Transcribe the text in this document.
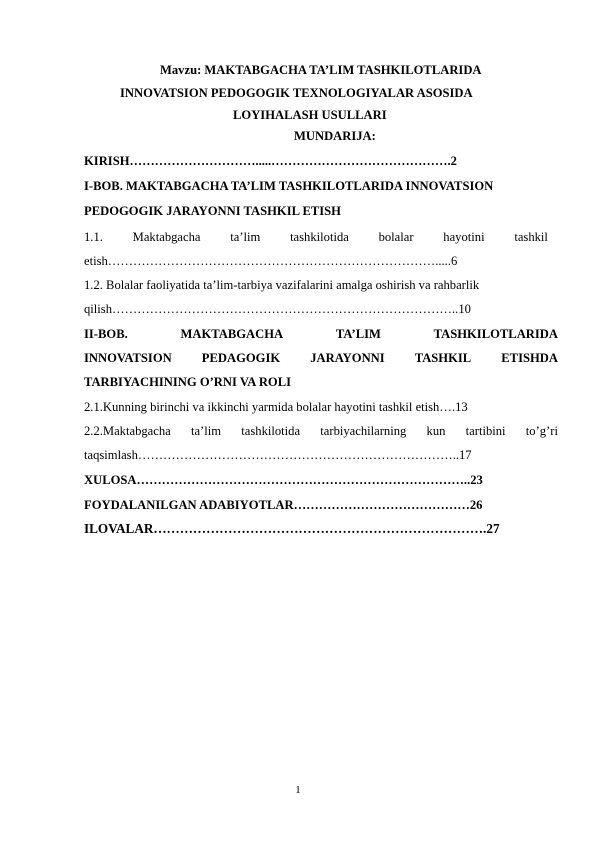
Mavzu: MAKTABGACHA TA’LIM TASHKILOTLARIDA
INNOVATSION PEDOGOGIK TEXNOLOGIYALAR ASOSIDA
LOYIHALASH USULLARI
MUNDARIJA:
KIRISH………………………….....…………………………………….2
I-BOB. MAKTABGACHA TA’LIM TASHKILOTLARIDA INNOVATSION
PEDOGOGIK JARAYONNI TASHKIL ETISH
1.1. Maktabgacha ta’lim tashkilotida bolalar hayotini tashkil
etish…………………………………………………………………….....6
1.2. Bolalar faoliyatida ta’lim-tarbiya vazifalarini amalga oshirish va rahbarlik
qilish………………………………………………………………………..10
II-BOB.	MAKTABGACHA	TA’LIM	TASHKILOTLARIDA
INNOVATSION PEDAGOGIK JARAYONNI TASHKIL ETISHDA
TARBIYACHINING O’RNI VA ROLI
2.1.Kunning birinchi va ikkinchi yarmida bolalar hayotini tashkil etish….13
2.2.Maktabgacha ta’lim tashkilotida tarbiyachilarning kun tartibini to’g’ri
taqsimlash…………………………………………………………………..17
XULOSA……………………………………………………………………..23
FOYDALANILGAN ADABIYOTLAR……………………………………26
ILOVALAR………………………………………………………………….27
1
